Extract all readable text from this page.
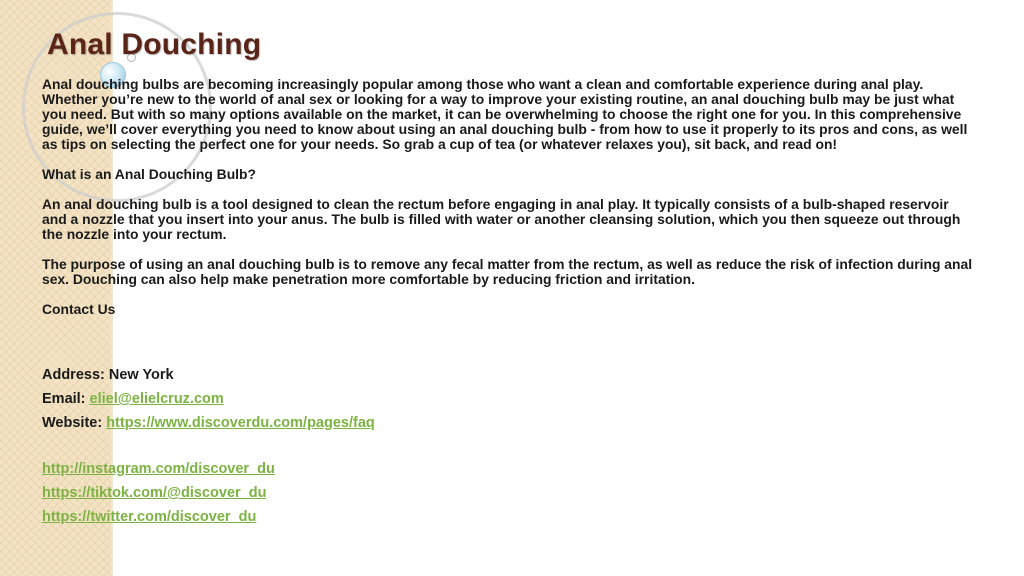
Anal Douching

Anal douching bulbs are becoming increasingly popular among those who want a clean and comfortable experience during anal play. Whether you’re new to the world of anal sex or looking for a way to improve your existing routine, an anal douching bulb may be just what you need. But with so many options available on the market, it can be overwhelming to choose the right one for you. In this comprehensive guide, we’ll cover everything you need to know about using an anal douching bulb - from how to use it properly to its pros and cons, as well as tips on selecting the perfect one for your needs. So grab a cup of tea (or whatever relaxes you), sit back, and read on!

What is an Anal Douching Bulb?

An anal douching bulb is a tool designed to clean the rectum before engaging in anal play. It typically consists of a bulb-shaped reservoir and a nozzle that you insert into your anus. The bulb is filled with water or another cleansing solution, which you then squeeze out through the nozzle into your rectum.

The purpose of using an anal douching bulb is to remove any fecal matter from the rectum, as well as reduce the risk of infection during anal sex. Douching can also help make penetration more comfortable by reducing friction and irritation.

Contact Us

Address: New York
Email: eliel@elielcruz.com
Website: https://www.discoverdu.com/pages/faq
http://instagram.com/discover_du
https://tiktok.com/@discover_du
https://twitter.com/discover_du
